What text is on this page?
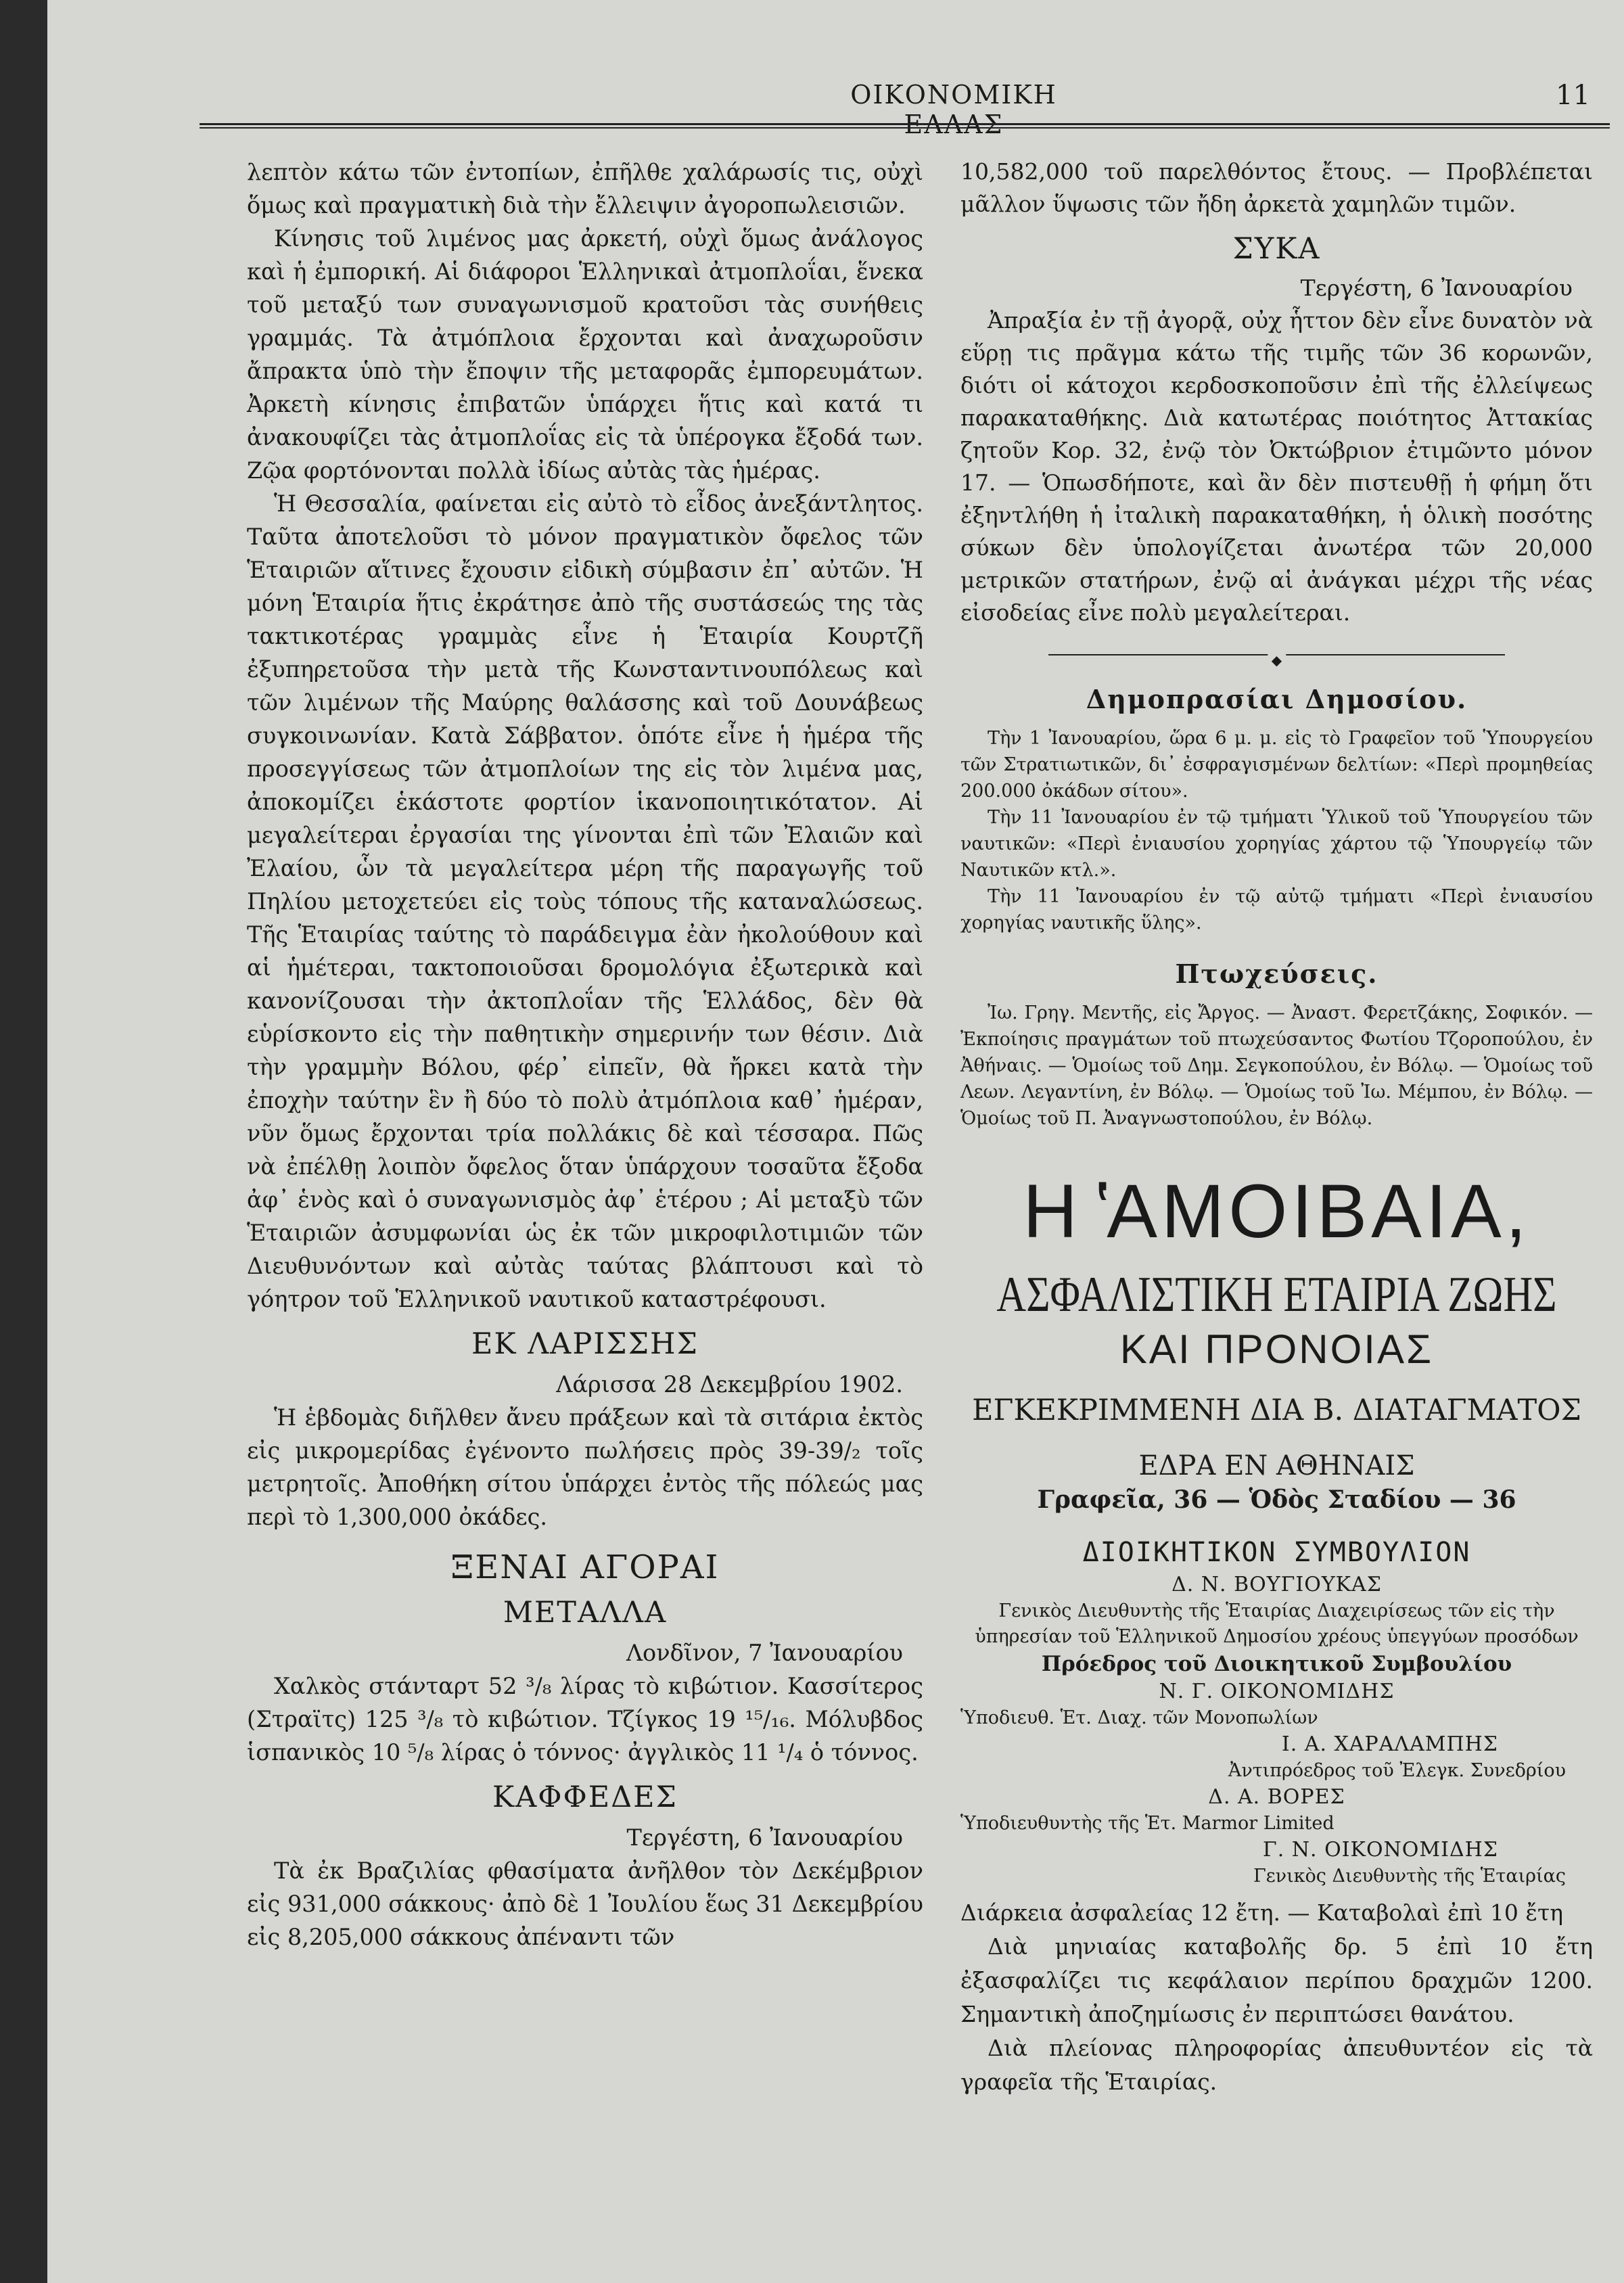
ΟΙΚΟΝΟΜΙΚΗ ΕΛΛΑΣ
11

λεπτὸν κάτω τῶν ἐντοπίων, ἐπῆλθε χαλάρωσίς τις, οὐχὶ ὅμως καὶ πραγματικὴ διὰ τὴν ἔλλειψιν ἀγοροπωλεισιῶν.

Κίνησις τοῦ λιμένος μας ἀρκετή, οὐχὶ ὅμως ἀνάλογος καὶ ἡ ἐμπορική. Αἱ διάφοροι Ἑλληνικαὶ ἀτμοπλοΐαι, ἕνεκα τοῦ μεταξύ των συναγωνισμοῦ κρατοῦσι τὰς συνήθεις γραμμάς. Τὰ ἀτμόπλοια ἔρχονται καὶ ἀναχωροῦσιν ἄπρακτα ὑπὸ τὴν ἔποψιν τῆς μεταφορᾶς ἐμπορευμάτων. Ἀρκετὴ κίνησις ἐπιβατῶν ὑπάρχει ἥτις καὶ κατά τι ἀνακουφίζει τὰς ἀτμοπλοΐας εἰς τὰ ὑπέρογκα ἔξοδά των. Ζῷα φορτόνονται πολλὰ ἰδίως αὐτὰς τὰς ἡμέρας.

Ἡ Θεσσαλία, φαίνεται εἰς αὐτὸ τὸ εἶδος ἀνεξάντλητος. Ταῦτα ἀποτελοῦσι τὸ μόνον πραγματικὸν ὄφελος τῶν Ἑταιριῶν αἵτινες ἔχουσιν εἰδικὴ σύμβασιν ἐπ᾽ αὐτῶν. Ἡ μόνη Ἑταιρία ἥτις ἐκράτησε ἀπὸ τῆς συστάσεώς της τὰς τακτικοτέρας γραμμὰς εἶνε ἡ Ἑταιρία Κουρτζῆ ἐξυπηρετοῦσα τὴν μετὰ τῆς Κωνσταντινουπόλεως καὶ τῶν λιμένων τῆς Μαύρης θαλάσσης καὶ τοῦ Δουνάβεως συγκοινωνίαν. Κατὰ Σάββατον. ὁπότε εἶνε ἡ ἡμέρα τῆς προσεγγίσεως τῶν ἀτμοπλοίων της εἰς τὸν λιμένα μας, ἀποκομίζει ἑκάστοτε φορτίον ἱκανοποιητικότατον. Αἱ μεγαλείτεραι ἐργασίαι της γίνονται ἐπὶ τῶν Ἐλαιῶν καὶ Ἐλαίου, ὧν τὰ μεγαλείτερα μέρη τῆς παραγωγῆς τοῦ Πηλίου μετοχετεύει εἰς τοὺς τόπους τῆς καταναλώσεως. Τῆς Ἑταιρίας ταύτης τὸ παράδειγμα ἐὰν ἠκολούθουν καὶ αἱ ἡμέτεραι, τακτοποιοῦσαι δρομολόγια ἐξωτερικὰ καὶ κανονίζουσαι τὴν ἀκτοπλοΐαν τῆς Ἑλλάδος, δὲν θὰ εὑρίσκοντο εἰς τὴν παθητικὴν σημερινήν των θέσιν. Διὰ τὴν γραμμὴν Βόλου, φέρ᾽ εἰπεῖν, θὰ ἤρκει κατὰ τὴν ἐποχὴν ταύτην ἓν ἢ δύο τὸ πολὺ ἀτμόπλοια καθ᾽ ἡμέραν, νῦν ὅμως ἔρχονται τρία πολλάκις δὲ καὶ τέσσαρα. Πῶς νὰ ἐπέλθῃ λοιπὸν ὄφελος ὅταν ὑπάρχουν τοσαῦτα ἔξοδα ἀφ᾽ ἑνὸς καὶ ὁ συναγωνισμὸς ἀφ᾽ ἑτέρου ; Αἱ μεταξὺ τῶν Ἑταιριῶν ἀσυμφωνίαι ὡς ἐκ τῶν μικροφιλοτιμιῶν τῶν Διευθυνόντων καὶ αὐτὰς ταύτας βλάπτουσι καὶ τὸ γόητρον τοῦ Ἑλληνικοῦ ναυτικοῦ καταστρέφουσι.

ΕΚ ΛΑΡΙΣΣΗΣ
Λάρισσα 28 Δεκεμβρίου 1902.

Ἡ ἑβδομὰς διῆλθεν ἄνευ πράξεων καὶ τὰ σιτάρια ἐκτὸς εἰς μικρομερίδας ἐγένοντο πωλήσεις πρὸς 39-39/₂ τοῖς μετρητοῖς. Ἀποθήκη σίτου ὑπάρχει ἐντὸς τῆς πόλεώς μας περὶ τὸ 1,300,000 ὀκάδες.

ΞΕΝΑΙ ΑΓΟΡΑΙ
ΜΕΤΑΛΛΑ
Λονδῖνον, 7 Ἰανουαρίου

Χαλκὸς στάνταρτ 52 ³/₈ λίρας τὸ κιβώτιον. Κασσίτερος (Στραϊτς) 125 ³/₈ τὸ κιβώτιον. Τζίγκος 19 ¹⁵/₁₆. Μόλυβδος ἱσπανικὸς 10 ⁵/₈ λίρας ὁ τόννος· ἀγγλικὸς 11 ¹/₄ ὁ τόννος.

ΚΑΦΦΕΔΕΣ
Τεργέστη, 6 Ἰανουαρίου

Τὰ ἐκ Βραζιλίας φθασίματα ἀνῆλθον τὸν Δεκέμβριον εἰς 931,000 σάκκους· ἀπὸ δὲ 1 Ἰουλίου ἕως 31 Δεκεμβρίου εἰς 8,205,000 σάκκους ἀπέναντι τῶν

10,582,000 τοῦ παρελθόντος ἔτους. — Προβλέπεται μᾶλλον ὕψωσις τῶν ἤδη ἀρκετὰ χαμηλῶν τιμῶν.

ΣΥΚΑ
Τεργέστη, 6 Ἰανουαρίου

Ἀπραξία ἐν τῇ ἀγορᾷ, οὐχ ἧττον δὲν εἶνε δυνατὸν νὰ εὕρῃ τις πρᾶγμα κάτω τῆς τιμῆς τῶν 36 κορωνῶν, διότι οἱ κάτοχοι κερδοσκοποῦσιν ἐπὶ τῆς ἐλλείψεως παρακαταθήκης. Διὰ κατωτέρας ποιότητος Ἀττακίας ζητοῦν Κορ. 32, ἐνῷ τὸν Ὀκτώβριον ἐτιμῶντο μόνον 17. — Ὁπωσδήποτε, καὶ ἂν δὲν πιστευθῇ ἡ φήμη ὅτι ἐξηντλήθη ἡ ἰταλικὴ παρακαταθήκη, ἡ ὁλικὴ ποσότης σύκων δὲν ὑπολογίζεται ἀνωτέρα τῶν 20,000 μετρικῶν στατήρων, ἐνῷ αἱ ἀνάγκαι μέχρι τῆς νέας εἰσοδείας εἶνε πολὺ μεγαλείτεραι.

◆
Δημοπρασίαι Δημοσίου.

Τὴν 1 Ἰανουαρίου, ὥρα 6 μ. μ. εἰς τὸ Γραφεῖον τοῦ Ὑπουργείου τῶν Στρατιωτικῶν, δι᾽ ἐσφραγισμένων δελτίων: «Περὶ προμηθείας 200.000 ὀκάδων σίτου».

Τὴν 11 Ἰανουαρίου ἐν τῷ τμήματι Ὑλικοῦ τοῦ Ὑπουργείου τῶν ναυτικῶν: «Περὶ ἐνιαυσίου χορηγίας χάρτου τῷ Ὑπουργείῳ τῶν Ναυτικῶν κτλ.».

Τὴν 11 Ἰανουαρίου ἐν τῷ αὐτῷ τμήματι «Περὶ ἐνιαυσίου χορηγίας ναυτικῆς ὕλης».

Πτωχεύσεις.

Ἰω. Γρηγ. Μεντῆς, εἰς Ἄργος. — Ἀναστ. Φερετζάκης, Σοφικόν. — Ἐκποίησις πραγμάτων τοῦ πτωχεύσαντος Φωτίου Τζοροπούλου, ἐν Ἀθήναις. — Ὁμοίως τοῦ Δημ. Σεγκοπούλου, ἐν Βόλῳ. — Ὁμοίως τοῦ Λεων. Λεγαντίνη, ἐν Βόλῳ. — Ὁμοίως τοῦ Ἰω. Μέμπου, ἐν Βόλῳ. — Ὁμοίως τοῦ Π. Ἀναγνωστοπούλου, ἐν Βόλῳ.

Η ̔ΑΜΟΙΒΑΙΑ,
ΑΣΦΑΛΙΣΤΙΚΗ ΕΤΑΙΡΙΑ ΖΩΗΣ
ΚΑΙ ΠΡΟΝΟΙΑΣ
ΕΓΚΕΚΡΙΜΜΕΝΗ ΔΙΑ Β. ΔΙΑΤΑΓΜΑΤΟΣ
ΕΔΡΑ ΕΝ ΑΘΗΝΑΙΣ
Γραφεῖα, 36 — Ὁδὸς Σταδίου — 36
ΔΙΟΙΚΗΤΙΚΟΝ ΣΥΜΒΟΥΛΙΟΝ
Δ. Ν. ΒΟΥΓΙΟΥΚΑΣ
Γενικὸς Διευθυντὴς τῆς Ἑταιρίας Διαχειρίσεως τῶν εἰς τὴν ὑπηρεσίαν τοῦ Ἑλληνικοῦ Δημοσίου χρέους ὑπεγγύων προσόδων
Πρόεδρος τοῦ Διοικητικοῦ Συμβουλίου
Ν. Γ. ΟΙΚΟΝΟΜΙΔΗΣ
Ὑποδιευθ. Ἑτ. Διαχ. τῶν Μονοπωλίων
Ι. Α. ΧΑΡΑΛΑΜΠΗΣ
Ἀντιπρόεδρος τοῦ Ἐλεγκ. Συνεδρίου
Δ. Α. ΒΟΡΕΣ
Ὑποδιευθυντὴς τῆς Ἑτ. Marmor Limited
Γ. Ν. ΟΙΚΟΝΟΜΙΔΗΣ
Γενικὸς Διευθυντὴς τῆς Ἑταιρίας
Διάρκεια ἀσφαλείας 12 ἔτη. — Καταβολαὶ ἐπὶ 10 ἔτη

Διὰ μηνιαίας καταβολῆς δρ. 5 ἐπὶ 10 ἔτη ἐξασφαλίζει τις κεφάλαιον περίπου δραχμῶν 1200. Σημαντικὴ ἀποζημίωσις ἐν περιπτώσει θανάτου.

Διὰ πλείονας πληροφορίας ἀπευθυντέον εἰς τὰ γραφεῖα τῆς Ἑταιρίας.
